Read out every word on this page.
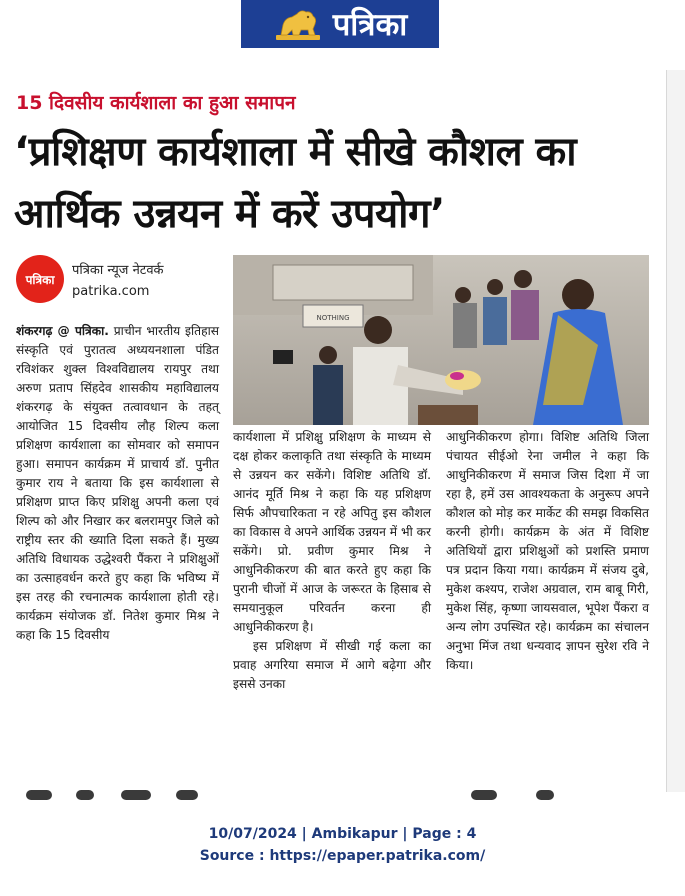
पत्रिका
15 दिवसीय कार्यशाला का हुआ समापन
‘प्रशिक्षण कार्यशाला में सीखे कौशल का आर्थिक उन्नयन में करें उपयोग’
पत्रिका
पत्रिका न्यूज नेटवर्क
patrika.com
NOTHING
शंकरगढ़ @ पत्रिका. प्राचीन भारतीय इतिहास संस्कृति एवं पुरातत्व अध्ययनशाला पंडित रविशंकर शुक्ल विश्वविद्यालय रायपुर तथा अरुण प्रताप सिंहदेव शासकीय महाविद्यालय शंकरगढ़ के संयुक्त तत्वावधान के तहत् आयोजित 15 दिवसीय लौह शिल्प कला प्रशिक्षण कार्यशाला का सोमवार को समापन हुआ। समापन कार्यक्रम में प्राचार्य डॉ. पुनीत कुमार राय ने बताया कि इस कार्यशाला से प्रशिक्षण प्राप्त किए प्रशिक्षु अपनी कला एवं शिल्प को और निखार कर बलरामपुर जिले को राष्ट्रीय स्तर की ख्याति दिला सकते हैं। मुख्य अतिथि विधायक उद्धेश्वरी पैंकरा ने प्रशिक्षुओं का उत्साहवर्धन करते हुए कहा कि भविष्य में इस तरह की रचनात्मक कार्यशाला होती रहे। कार्यक्रम संयोजक डॉ. नितेश कुमार मिश्र ने कहा कि 15 दिवसीय
कार्यशाला में प्रशिक्षु प्रशिक्षण के माध्यम से दक्ष होकर कलाकृति तथा संस्कृति के माध्यम से उन्नयन कर सकेंगे। विशिष्ट अतिथि डॉ. आनंद मूर्ति मिश्र ने कहा कि यह प्रशिक्षण सिर्फ औपचारिकता न रहे अपितु इस कौशल का विकास वे अपने आर्थिक उन्नयन में भी कर सकेंगे। प्रो. प्रवीण कुमार मिश्र ने आधुनिकीकरण की बात करते हुए कहा कि पुरानी चीजों में आज के जरूरत के हिसाब से समयानुकूल परिवर्तन करना ही आधुनिकीकरण है।
इस प्रशिक्षण में सीखी गई कला का प्रवाह अगरिया समाज में आगे बढ़ेगा और इससे उनका
आधुनिकीकरण होगा। विशिष्ट अतिथि जिला पंचायत सीईओ रेना जमील ने कहा कि आधुनिकीकरण में समाज जिस दिशा में जा रहा है, हमें उस आवश्यकता के अनुरूप अपने कौशल को मोड़ कर मार्केट की समझ विकसित करनी होगी। कार्यक्रम के अंत में विशिष्ट अतिथियों द्वारा प्रशिक्षुओं को प्रशस्ति प्रमाण पत्र प्रदान किया गया। कार्यक्रम में संजय दुबे, मुकेश कश्यप, राजेश अग्रवाल, राम बाबू गिरी, मुकेश सिंह, कृष्णा जायसवाल, भूपेश पैंकरा व अन्य लोग उपस्थित रहे। कार्यक्रम का संचालन अनुभा मिंज तथा धन्यवाद ज्ञापन सुरेश रवि ने किया।
10/07/2024 | Ambikapur | Page : 4
Source : https://epaper.patrika.com/
